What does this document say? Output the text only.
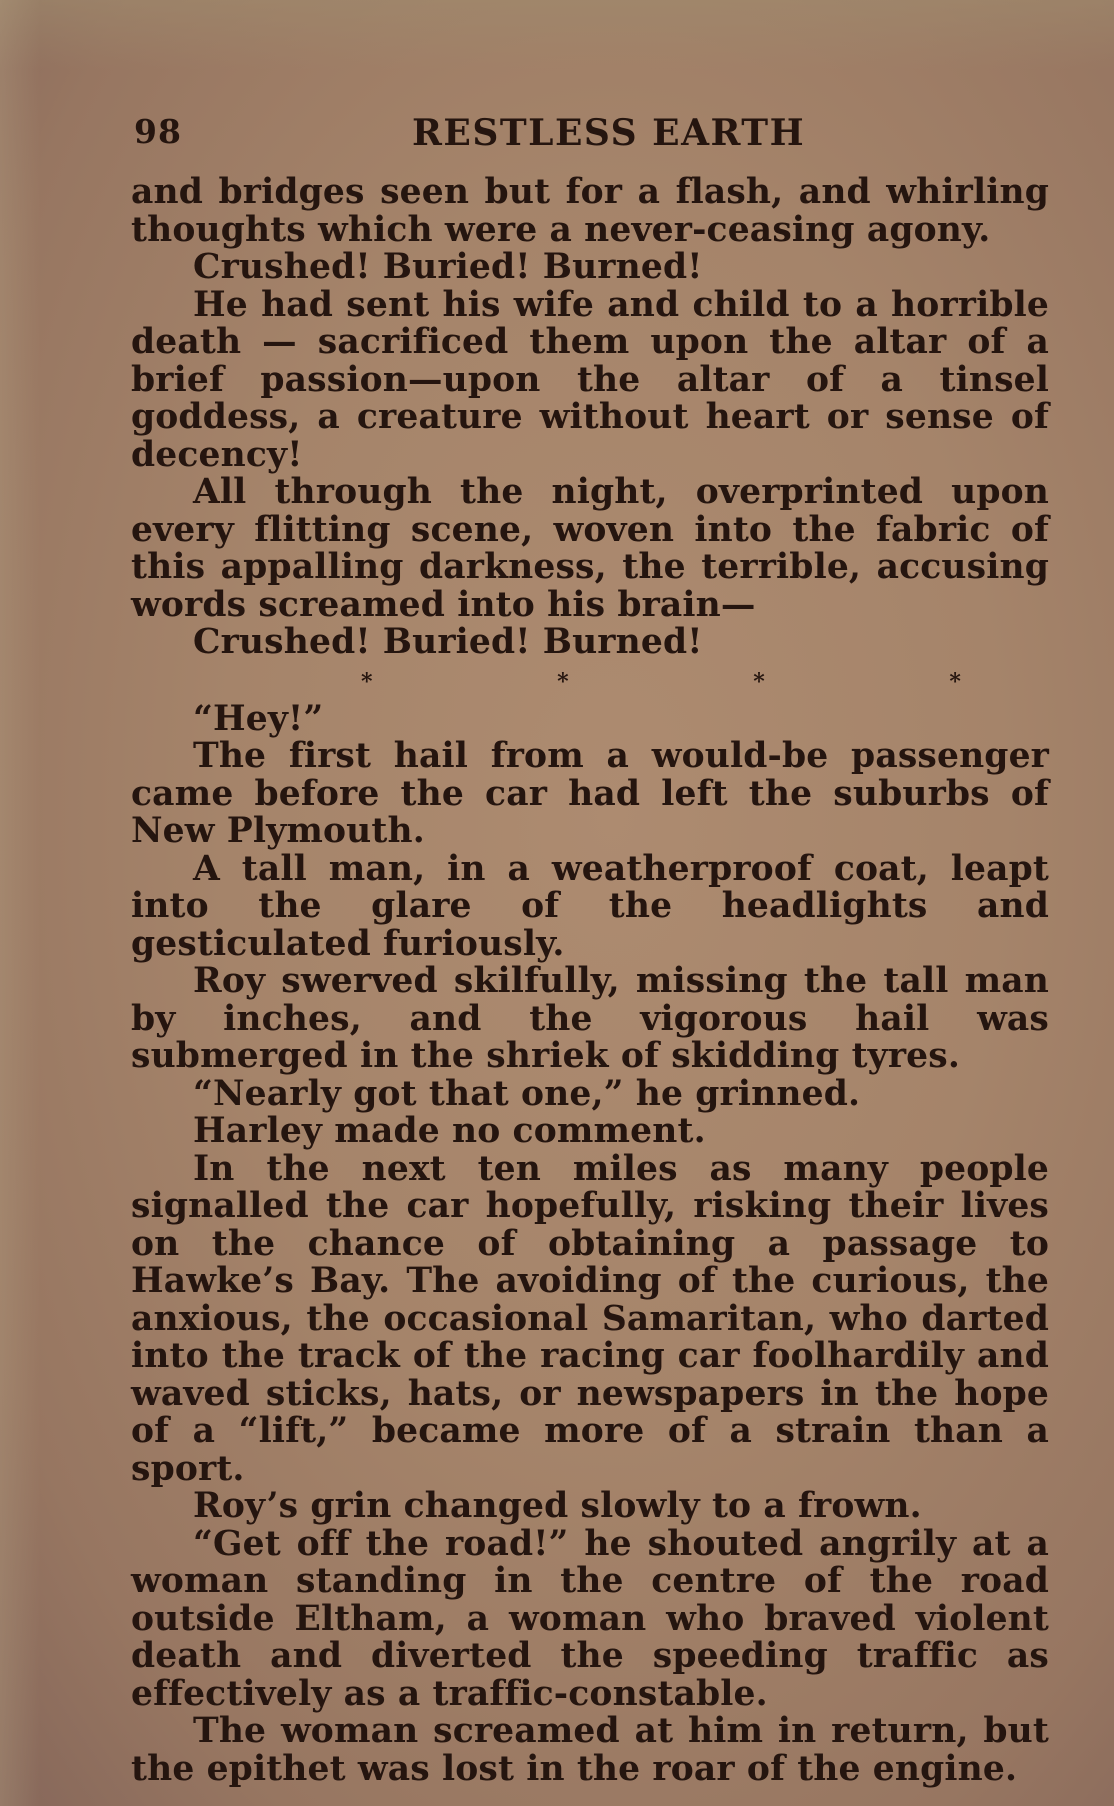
98	RESTLESS EARTH

and bridges seen but for a flash, and whirling thoughts which were a never-ceasing agony.

Crushed! Buried! Burned!

He had sent his wife and child to a horrible death — sacrificed them upon the altar of a brief passion—upon the altar of a tinsel goddess, a creature without heart or sense of decency!

All through the night, overprinted upon every flitting scene, woven into the fabric of this appalling darkness, the terrible, accusing words screamed into his brain—

Crushed! Buried! Burned!

*	*	*	*

“Hey!”

The first hail from a would-be passenger came before the car had left the suburbs of New Plymouth.

A tall man, in a weatherproof coat, leapt into the glare of the headlights and gesticulated furiously.

Roy swerved skilfully, missing the tall man by inches, and the vigorous hail was submerged in the shriek of skidding tyres.

“Nearly got that one,” he grinned.

Harley made no comment.

In the next ten miles as many people signalled the car hopefully, risking their lives on the chance of obtaining a passage to Hawke’s Bay. The avoiding of the curious, the anxious, the occasional Samaritan, who darted into the track of the racing car foolhardily and waved sticks, hats, or newspapers in the hope of a “lift,” became more of a strain than a sport.

Roy’s grin changed slowly to a frown.

“Get off the road!” he shouted angrily at a woman standing in the centre of the road outside Eltham, a woman who braved violent death and diverted the speeding traffic as effectively as a traffic-constable.

The woman screamed at him in return, but the epithet was lost in the roar of the engine.
